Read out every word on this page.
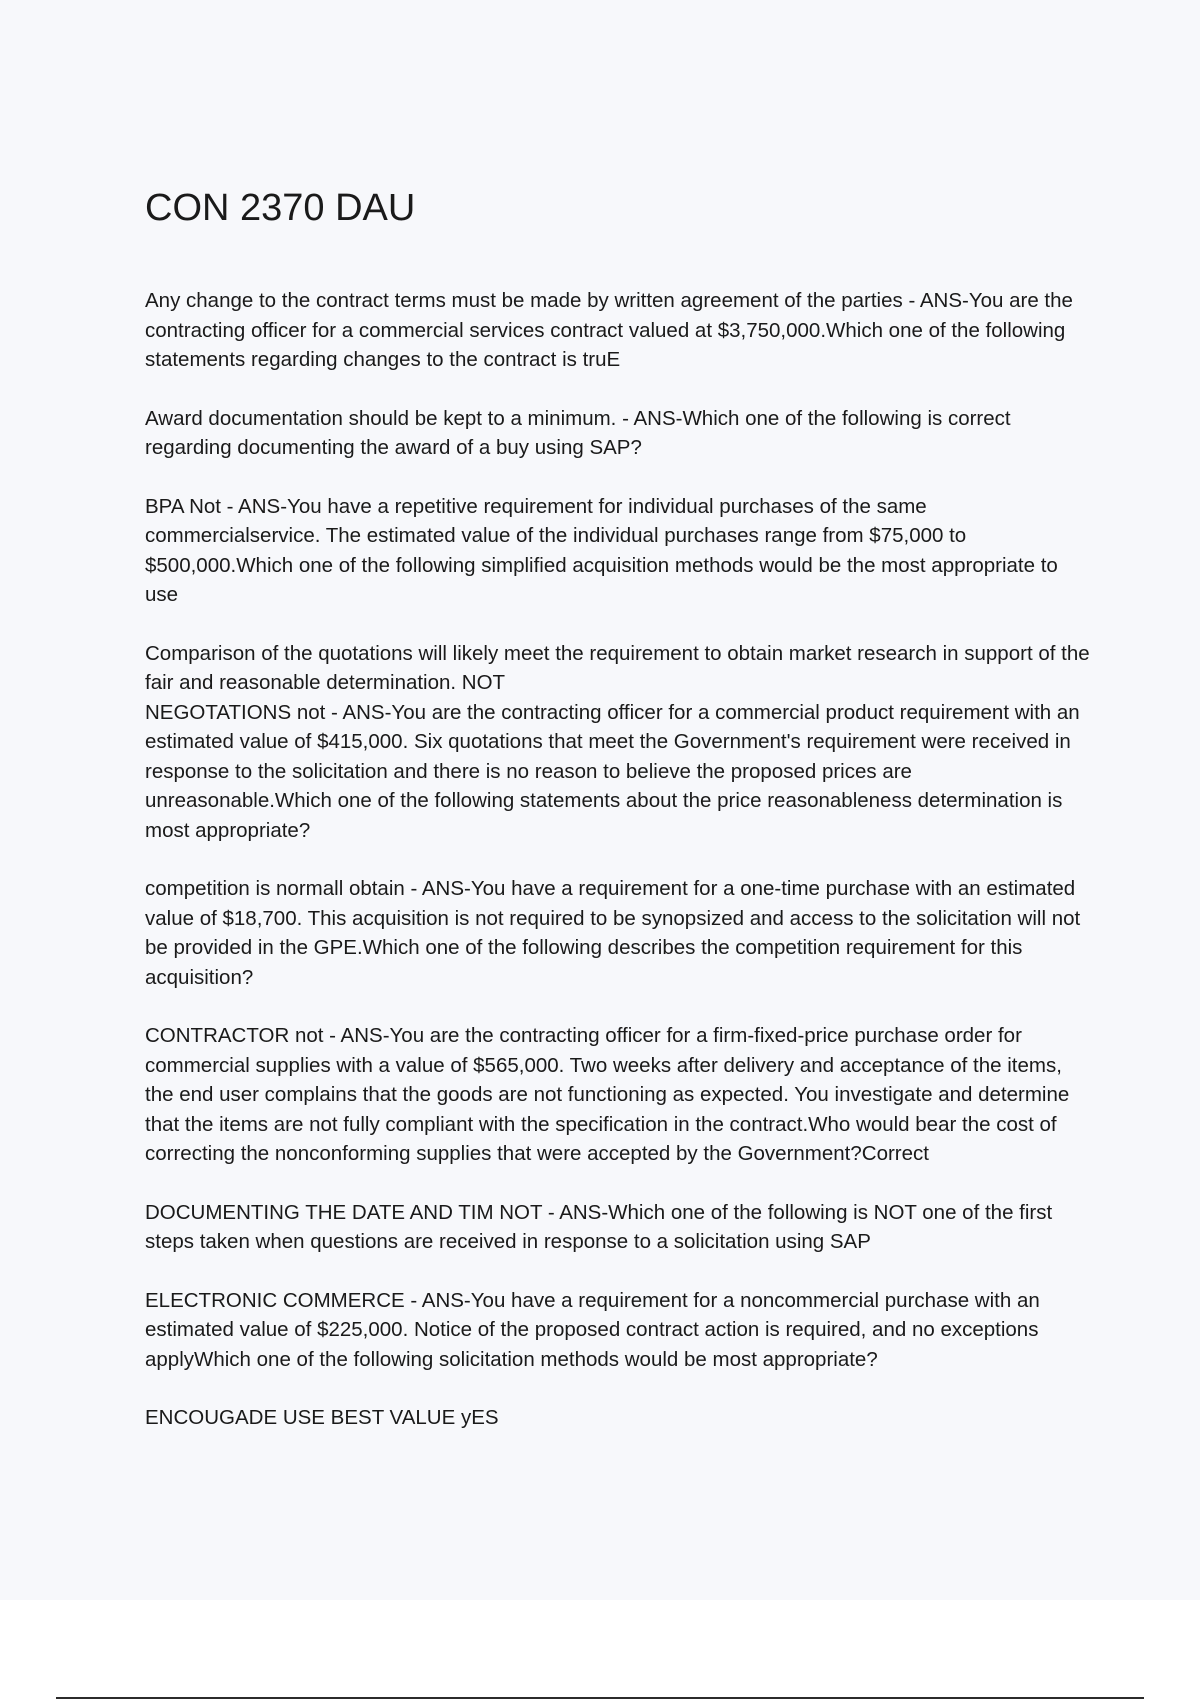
CON 2370 DAU

Any change to the contract terms must be made by written agreement of the parties - ANS-You are the contracting officer for a commercial services contract valued at $3,750,000.Which one of the following statements regarding changes to the contract is truE

Award documentation should be kept to a minimum. - ANS-Which one of the following is correct regarding documenting the award of a buy using SAP?

BPA Not - ANS-You have a repetitive requirement for individual purchases of the same commercialservice. The estimated value of the individual purchases range from $75,000 to $500,000.Which one of the following simplified acquisition methods would be the most appropriate to use

Comparison of the quotations will likely meet the requirement to obtain market research in support of the fair and reasonable determination. NOT
NEGOTATIONS not - ANS-You are the contracting officer for a commercial product requirement with an estimated value of $415,000. Six quotations that meet the Government's requirement were received in response to the solicitation and there is no reason to believe the proposed prices are unreasonable.Which one of the following statements about the price reasonableness determination is most appropriate?

competition is normall obtain - ANS-You have a requirement for a one-time purchase with an estimated value of $18,700. This acquisition is not required to be synopsized and access to the solicitation will not be provided in the GPE.Which one of the following describes the competition requirement for this acquisition?

CONTRACTOR not - ANS-You are the contracting officer for a firm-fixed-price purchase order for commercial supplies with a value of $565,000. Two weeks after delivery and acceptance of the items, the end user complains that the goods are not functioning as expected. You investigate and determine that the items are not fully compliant with the specification in the contract.Who would bear the cost of correcting the nonconforming supplies that were accepted by the Government?Correct

DOCUMENTING THE DATE AND TIM NOT - ANS-Which one of the following is NOT one of the first steps taken when questions are received in response to a solicitation using SAP

ELECTRONIC COMMERCE - ANS-You have a requirement for a noncommercial purchase with an estimated value of $225,000. Notice of the proposed contract action is required, and no exceptions applyWhich one of the following solicitation methods would be most appropriate?

ENCOUGADE USE BEST VALUE yES
